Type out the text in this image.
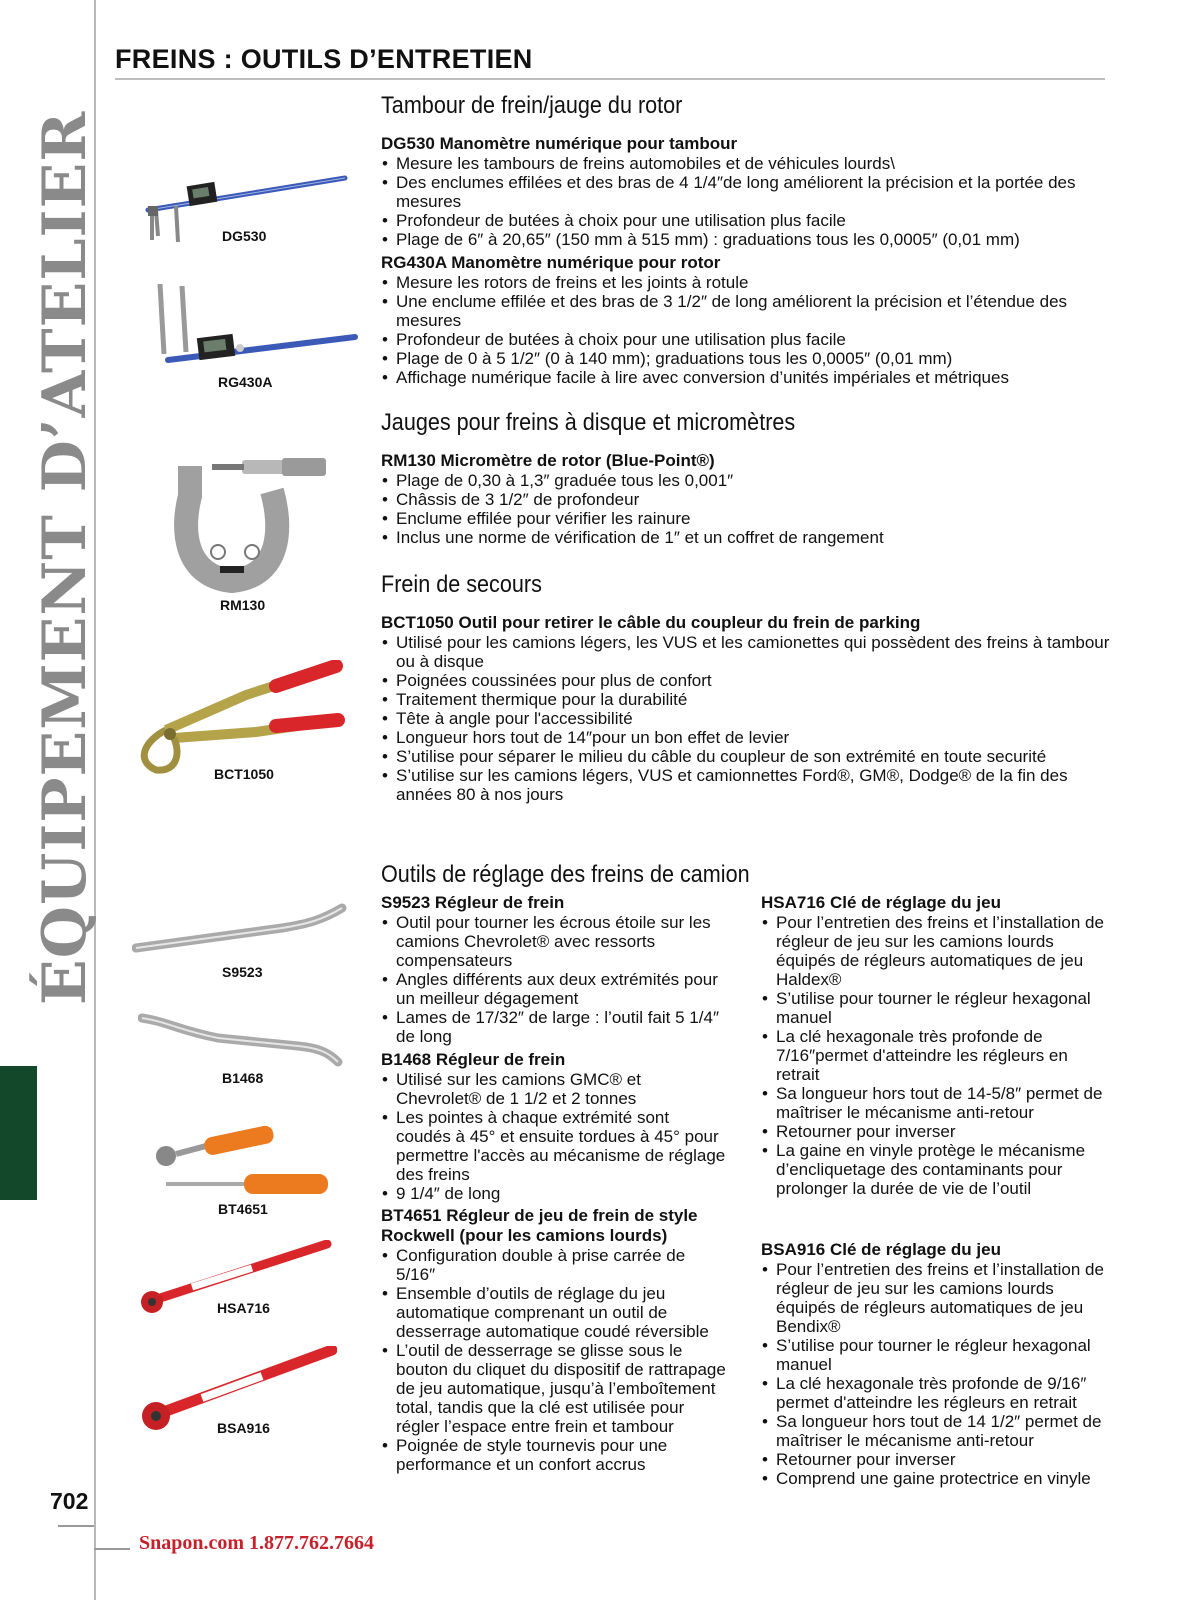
ÉQUIPEMENT D’ATELIER
702
Snapon.com 1.877.762.7664
FREINS : OUTILS D’ENTRETIEN
DG530
RG430A
RM130
BCT1050
S9523
B1468
BT4651
HSA716
BSA916
Tambour de frein/jauge du rotor
DG530 Manomètre numérique pour tambour
• Mesure les tambours de freins automobiles et de véhicules lourds\
• Des enclumes effilées et des bras de 4 1/4″de long améliorent la précision et la portée des mesures
• Profondeur de butées à choix pour une utilisation plus facile
• Plage de 6″ à 20,65″ (150 mm à 515 mm) : graduations tous les 0,0005″ (0,01 mm)
RG430A Manomètre numérique pour rotor
• Mesure les rotors de freins et les joints à rotule
• Une enclume effilée et des bras de 3 1/2″ de long améliorent la précision et l’étendue des mesures
• Profondeur de butées à choix pour une utilisation plus facile
• Plage de 0 à 5 1/2″ (0 à 140 mm); graduations tous les 0,0005″ (0,01 mm)
• Affichage numérique facile à lire avec conversion d’unités impériales et métriques
Jauges pour freins à disque et micromètres
RM130 Micromètre de rotor (Blue-Point®)
• Plage de 0,30 à 1,3″ graduée tous les 0,001″
• Châssis de 3 1/2″ de profondeur
• Enclume effilée pour vérifier les rainure
• Inclus une norme de vérification de 1″ et un coffret de rangement
Frein de secours
BCT1050 Outil pour retirer le câble du coupleur du frein de parking
• Utilisé pour les camions légers, les VUS et les camionettes qui possèdent des freins à tambour ou à disque
• Poignées coussinées pour plus de confort
• Traitement thermique pour la durabilité
• Tête à angle pour l'accessibilité
• Longueur hors tout de 14″pour un bon effet de levier
• S’utilise pour séparer le milieu du câble du coupleur de son extrémité en toute securité
• S’utilise sur les camions légers, VUS et camionnettes Ford®, GM®, Dodge® de la fin des années 80 à nos jours
Outils de réglage des freins de camion
S9523 Régleur de frein
• Outil pour tourner les écrous étoile sur les camions Chevrolet® avec ressorts compensateurs
• Angles différents aux deux extrémités pour un meilleur dégagement
• Lames de 17/32″ de large : l’outil fait 5 1/4″ de long
B1468 Régleur de frein
• Utilisé sur les camions GMC® et Chevrolet® de 1 1/2 et 2 tonnes
• Les pointes à chaque extrémité sont coudés à 45° et ensuite tordues à 45° pour permettre l'accès au mécanisme de réglage des freins
• 9 1/4″ de long
BT4651 Régleur de jeu de frein de style Rockwell (pour les camions lourds)
• Configuration double à prise carrée de 5/16″
• Ensemble d’outils de réglage du jeu automatique comprenant un outil de desserrage automatique coudé réversible
• L’outil de desserrage se glisse sous le bouton du cliquet du dispositif de rattrapage de jeu automatique, jusqu’à l’emboîtement total, tandis que la clé est utilisée pour régler l’espace entre frein et tambour
• Poignée de style tournevis pour une performance et un confort accrus
HSA716 Clé de réglage du jeu
• Pour l’entretien des freins et l’installation de régleur de jeu sur les camions lourds équipés de régleurs automatiques de jeu Haldex®
• S’utilise pour tourner le régleur hexagonal manuel
• La clé hexagonale très profonde de 7/16″permet d'atteindre les régleurs en retrait
• Sa longueur hors tout de 14-5/8″ permet de maîtriser le mécanisme anti-retour
• Retourner pour inverser
• La gaine en vinyle protège le mécanisme d’encliquetage des contaminants pour prolonger la durée de vie de l’outil
BSA916 Clé de réglage du jeu
• Pour l’entretien des freins et l’installation de régleur de jeu sur les camions lourds équipés de régleurs automatiques de jeu Bendix®
• S’utilise pour tourner le régleur hexagonal manuel
• La clé hexagonale très profonde de 9/16″ permet d'atteindre les régleurs en retrait
• Sa longueur hors tout de 14 1/2″ permet de maîtriser le mécanisme anti-retour
• Retourner pour inverser
• Comprend une gaine protectrice en vinyle
